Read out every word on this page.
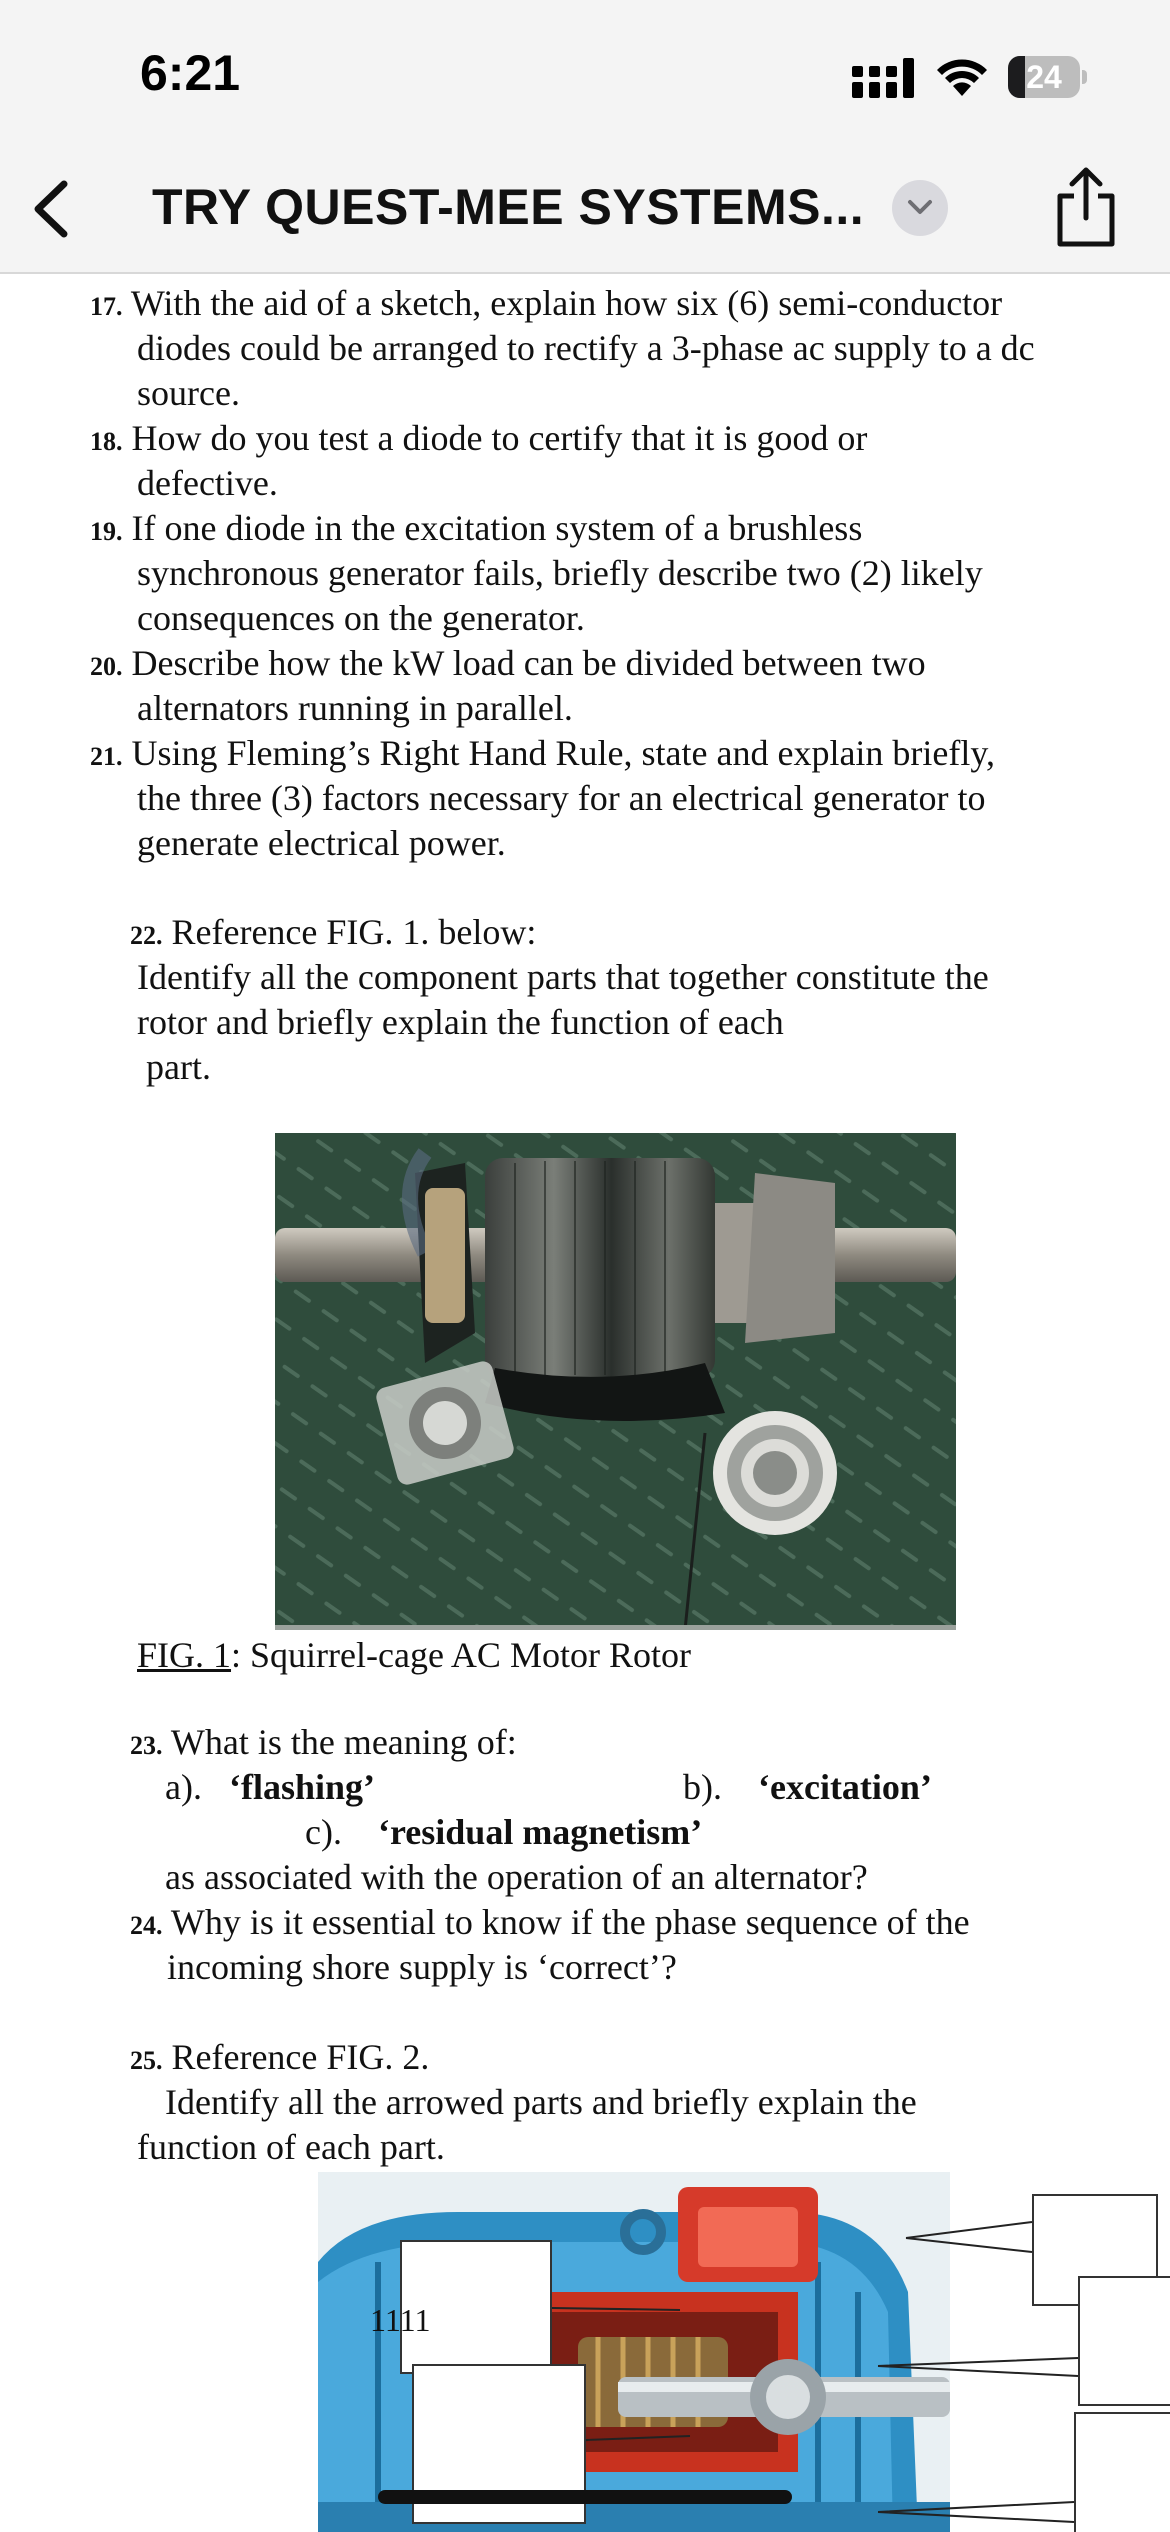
6:21	24
TRY QUEST-MEE SYSTEMS...

17. With the aid of a sketch, explain how six (6) semi-conductor
diodes could be arranged to rectify a 3-phase ac supply to a dc
source.
18. How do you test a diode to certify that it is good or
defective.
19. If one diode in the excitation system of a brushless
synchronous generator fails, briefly describe two (2) likely
consequences on the generator.
20. Describe how the kW load can be divided between two
alternators running in parallel.
21. Using Fleming’s Right Hand Rule, state and explain briefly,
the three (3) factors necessary for an electrical generator to
generate electrical power.
22. Reference FIG. 1. below:
Identify all the component parts that together constitute the
rotor and briefly explain the function of each
part.
FIG. 1: Squirrel-cage AC Motor Rotor
23. What is the meaning of:
a). ‘flashing’	b). ‘excitation’
c). ‘residual magnetism’
as associated with the operation of an alternator?
24. Why is it essential to know if the phase sequence of the
incoming shore supply is ‘correct’?
25. Reference FIG. 2.
Identify all the arrowed parts and briefly explain the
function of each part.
1111
